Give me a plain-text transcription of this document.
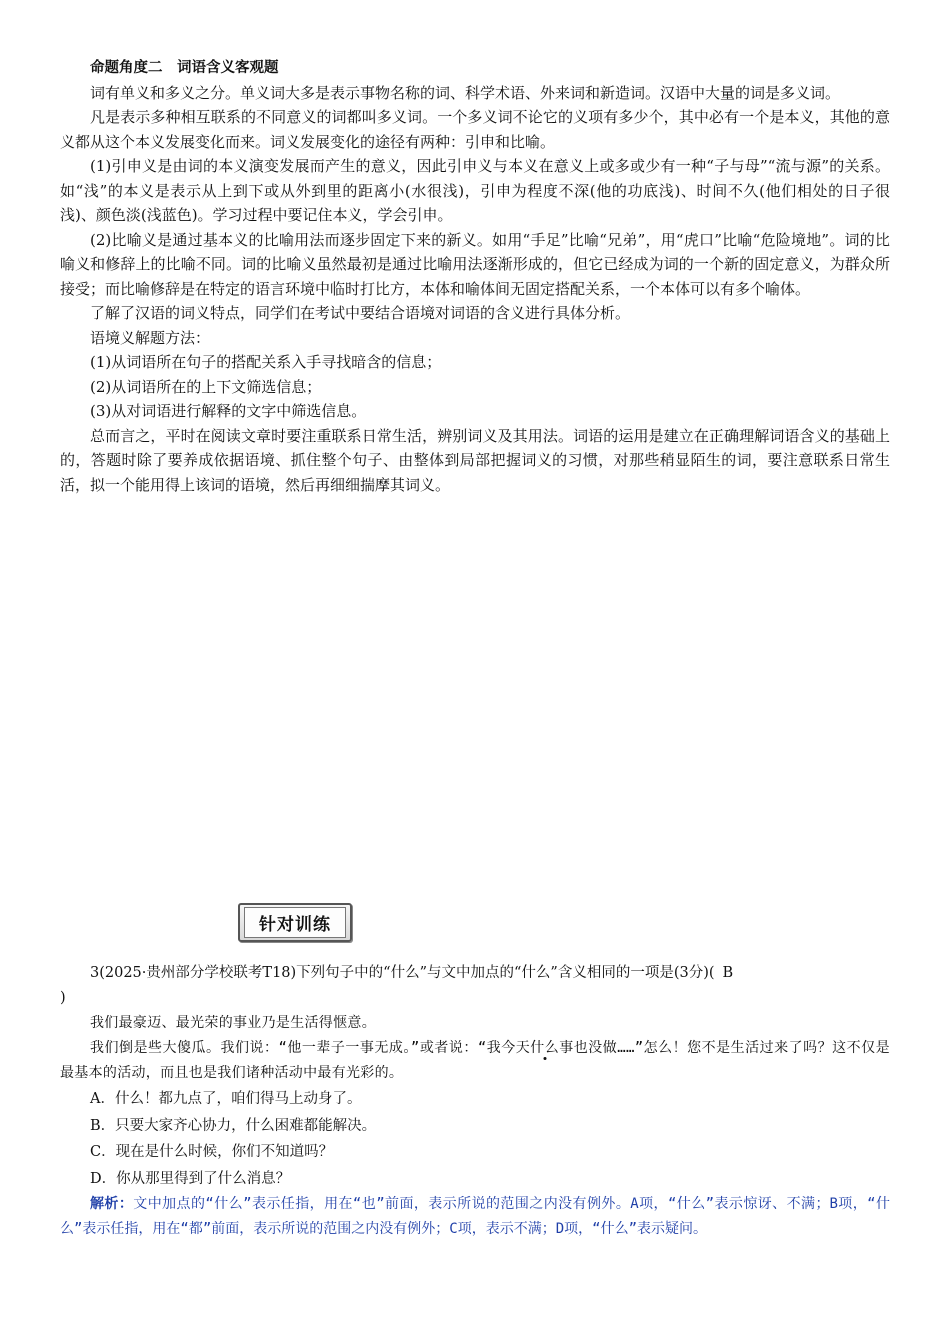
命题角度二　词语含义客观题

词有单义和多义之分。单义词大多是表示事物名称的词、科学术语、外来词和新造词。汉语中大量的词是多义词。

凡是表示多种相互联系的不同意义的词都叫多义词。一个多义词不论它的义项有多少个，其中必有一个是本义，其他的意义都从这个本义发展变化而来。词义发展变化的途径有两种：引申和比喻。

(1)引申义是由词的本义演变发展而产生的意义，因此引申义与本义在意义上或多或少有一种“子与母”“流与源”的关系。如“浅”的本义是表示从上到下或从外到里的距离小(水很浅)，引申为程度不深(他的功底浅)、时间不久(他们相处的日子很浅)、颜色淡(浅蓝色)。学习过程中要记住本义，学会引申。

(2)比喻义是通过基本义的比喻用法而逐步固定下来的新义。如用“手足”比喻“兄弟”，用“虎口”比喻“危险境地”。词的比喻义和修辞上的比喻不同。词的比喻义虽然最初是通过比喻用法逐渐形成的，但它已经成为词的一个新的固定意义，为群众所接受；而比喻修辞是在特定的语言环境中临时打比方，本体和喻体间无固定搭配关系，一个本体可以有多个喻体。

了解了汉语的词义特点，同学们在考试中要结合语境对词语的含义进行具体分析。

语境义解题方法：

(1)从词语所在句子的搭配关系入手寻找暗含的信息；

(2)从词语所在的上下文筛选信息；

(3)从对词语进行解释的文字中筛选信息。

总而言之，平时在阅读文章时要注重联系日常生活，辨别词义及其用法。词语的运用是建立在正确理解词语含义的基础上的，答题时除了要养成依据语境、抓住整个句子、由整体到局部把握词义的习惯，对那些稍显陌生的词，要注意联系日常生活，拟一个能用得上该词的语境，然后再细细揣摩其词义。

针对训练

3(2025·贵州部分学校联考T18)下列句子中的“什么”与文中加点的“什么”含义相同的一项是(3分)( B

)

我们最豪迈、最光荣的事业乃是生活得惬意。

我们倒是些大傻瓜。我们说：“他一辈子一事无成。”或者说：“我今天什么事也没做……”怎么！您不是生活过来了吗？这不仅是最基本的活动，而且也是我们诸种活动中最有光彩的。

A．什么！都九点了，咱们得马上动身了。

B．只要大家齐心协力，什么困难都能解决。

C．现在是什么时候，你们不知道吗？

D．你从那里得到了什么消息？

解析：文中加点的“什么”表示任指，用在“也”前面，表示所说的范围之内没有例外。A项，“什么”表示惊讶、不满；B项，“什么”表示任指，用在“都”前面，表示所说的范围之内没有例外；C项，表示不满；D项，“什么”表示疑问。
